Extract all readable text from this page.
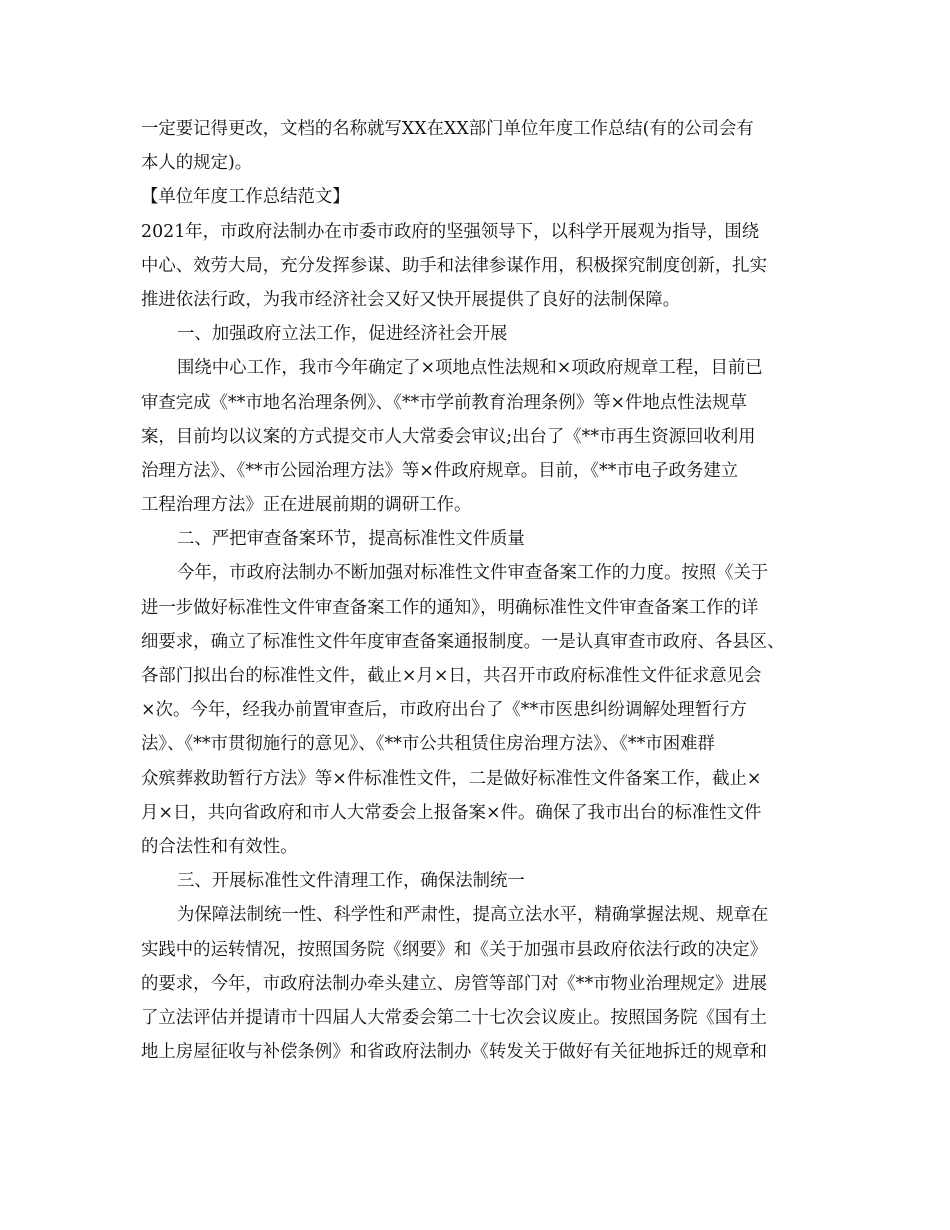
一定要记得更改，文档的名称就写XX在XX部门单位年度工作总结(有的公司会有
本人的规定)。
【单位年度工作总结范文】
2021年，市政府法制办在市委市政府的坚强领导下，以科学开展观为指导，围绕
中心、效劳大局，充分发挥参谋、助手和法律参谋作用，积极探究制度创新，扎实
推进依法行政，为我市经济社会又好又快开展提供了良好的法制保障。
一、加强政府立法工作，促进经济社会开展
围绕中心工作，我市今年确定了×项地点性法规和×项政府规章工程，目前已
审查完成《**市地名治理条例》、《**市学前教育治理条例》等×件地点性法规草
案，目前均以议案的方式提交市人大常委会审议;出台了《**市再生资源回收利用
治理方法》、《**市公园治理方法》等×件政府规章。目前，《**市电子政务建立
工程治理方法》正在进展前期的调研工作。
二、严把审查备案环节，提高标准性文件质量
今年，市政府法制办不断加强对标准性文件审查备案工作的力度。按照《关于
进一步做好标准性文件审查备案工作的通知》，明确标准性文件审查备案工作的详
细要求，确立了标准性文件年度审查备案通报制度。一是认真审查市政府、各县区、
各部门拟出台的标准性文件，截止×月×日，共召开市政府标准性文件征求意见会
×次。今年，经我办前置审查后，市政府出台了《**市医患纠纷调解处理暂行方
法》、《**市贯彻施行的意见》、《**市公共租赁住房治理方法》、《**市困难群
众殡葬救助暂行方法》等×件标准性文件，二是做好标准性文件备案工作，截止×
月×日，共向省政府和市人大常委会上报备案×件。确保了我市出台的标准性文件
的合法性和有效性。
三、开展标准性文件清理工作，确保法制统一
为保障法制统一性、科学性和严肃性，提高立法水平，精确掌握法规、规章在
实践中的运转情况，按照国务院《纲要》和《关于加强市县政府依法行政的决定》
的要求，今年，市政府法制办牵头建立、房管等部门对《**市物业治理规定》进展
了立法评估并提请市十四届人大常委会第二十七次会议废止。按照国务院《国有土
地上房屋征收与补偿条例》和省政府法制办《转发关于做好有关征地拆迁的规章和
